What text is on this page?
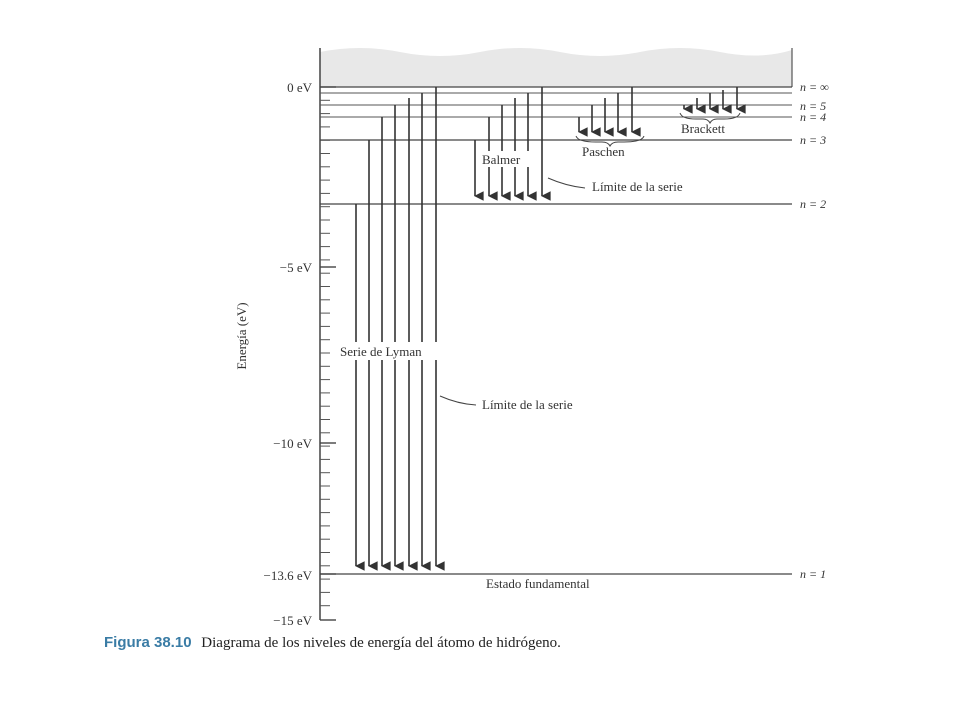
Energía (eV)
0 eV
−5 eV
−10 eV
−13.6 eV
−15 eV
n = ∞
n = 5
n = 4
n = 3
n = 2
n = 1
Serie de Lyman
Balmer
Paschen
Brackett
Límite de la serie
Límite de la serie
Estado fundamental
Figura 38.10 Diagrama de los niveles de energía del átomo de hidrógeno.
